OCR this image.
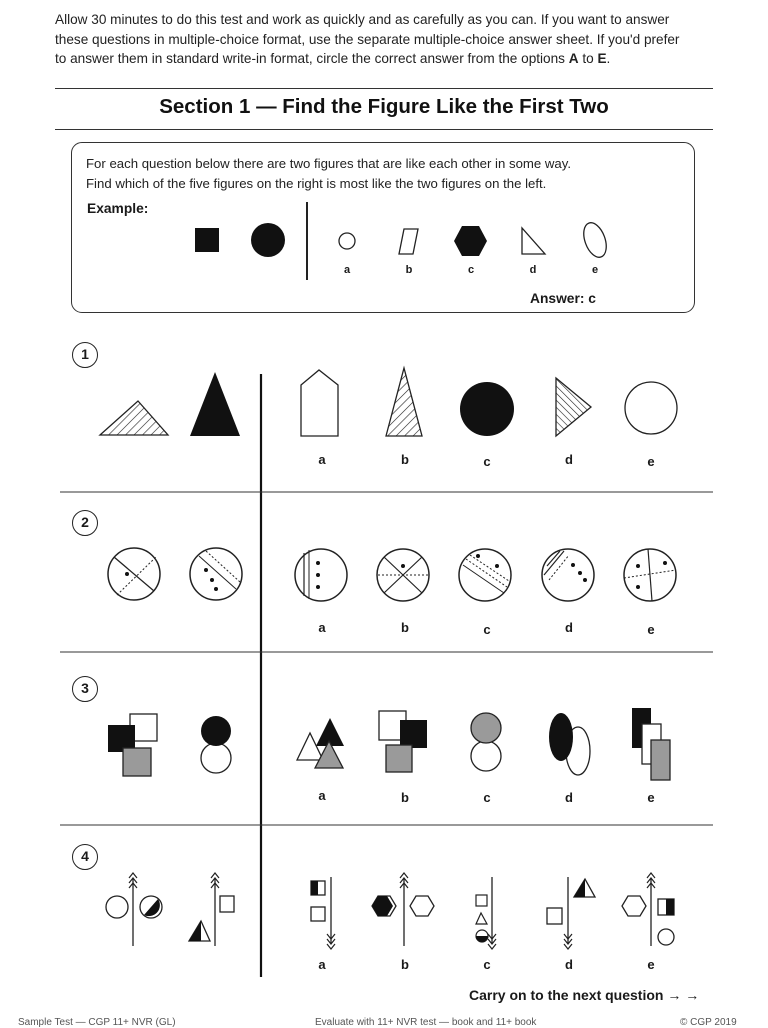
Allow 30 minutes to do this test and work as quickly and as carefully as you can. If you want to answer
these questions in multiple-choice format, use the separate multiple-choice answer sheet. If you'd prefer
to answer them in standard write-in format, circle the correct answer from the options A to E.
Section 1 — Find the Figure Like the First Two
For each question below there are two figures that are like each other in some way.
Find which of the five figures on the right is most like the two figures on the left.
Example:
Answer: c
a	b	c	d	e
1
2
3
4
a	b	c	d	e
a	b	c	d	e
a	b	c	d	e
a	b	c	d	e
Carry on to the next question → →
Sample Test — CGP 11+ NVR (GL)	Evaluate with 11+ NVR test — book and 11+ book	© CGP 2019
